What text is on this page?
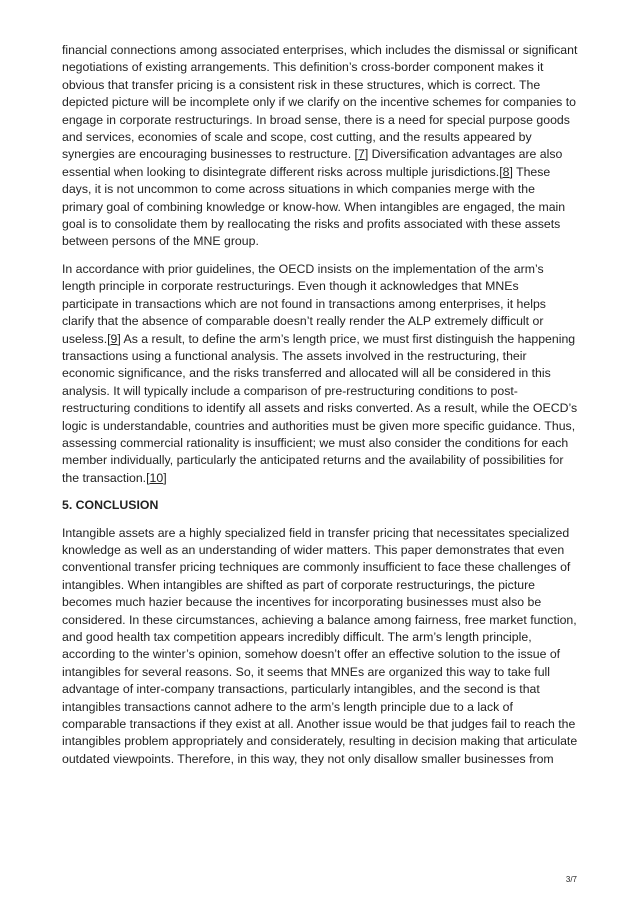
financial connections among associated enterprises, which includes the dismissal or significant negotiations of existing arrangements. This definition’s cross-border component makes it obvious that transfer pricing is a consistent risk in these structures, which is correct. The depicted picture will be incomplete only if we clarify on the incentive schemes for companies to engage in corporate restructurings. In broad sense, there is a need for special purpose goods and services, economies of scale and scope, cost cutting, and the results appeared by synergies are encouraging businesses to restructure. [7] Diversification advantages are also essential when looking to disintegrate different risks across multiple jurisdictions.[8] These days, it is not uncommon to come across situations in which companies merge with the primary goal of combining knowledge or know-how. When intangibles are engaged, the main goal is to consolidate them by reallocating the risks and profits associated with these assets between persons of the MNE group.

In accordance with prior guidelines, the OECD insists on the implementation of the arm’s length principle in corporate restructurings. Even though it acknowledges that MNEs participate in transactions which are not found in transactions among enterprises, it helps clarify that the absence of comparable doesn’t really render the ALP extremely difficult or useless.[9] As a result, to define the arm’s length price, we must first distinguish the happening transactions using a functional analysis. The assets involved in the restructuring, their economic significance, and the risks transferred and allocated will all be considered in this analysis. It will typically include a comparison of pre-restructuring conditions to post-restructuring conditions to identify all assets and risks converted. As a result, while the OECD’s logic is understandable, countries and authorities must be given more specific guidance. Thus, assessing commercial rationality is insufficient; we must also consider the conditions for each member individually, particularly the anticipated returns and the availability of possibilities for the transaction.[10]

5. CONCLUSION

Intangible assets are a highly specialized field in transfer pricing that necessitates specialized knowledge as well as an understanding of wider matters. This paper demonstrates that even conventional transfer pricing techniques are commonly insufficient to face these challenges of intangibles. When intangibles are shifted as part of corporate restructurings, the picture becomes much hazier because the incentives for incorporating businesses must also be considered. In these circumstances, achieving a balance among fairness, free market function, and good health tax competition appears incredibly difficult. The arm’s length principle, according to the winter’s opinion, somehow doesn’t offer an effective solution to the issue of intangibles for several reasons. So, it seems that MNEs are organized this way to take full advantage of inter-company transactions, particularly intangibles, and the second is that intangibles transactions cannot adhere to the arm’s length principle due to a lack of comparable transactions if they exist at all. Another issue would be that judges fail to reach the intangibles problem appropriately and considerately, resulting in decision making that articulate outdated viewpoints. Therefore, in this way, they not only disallow smaller businesses from

3/7
